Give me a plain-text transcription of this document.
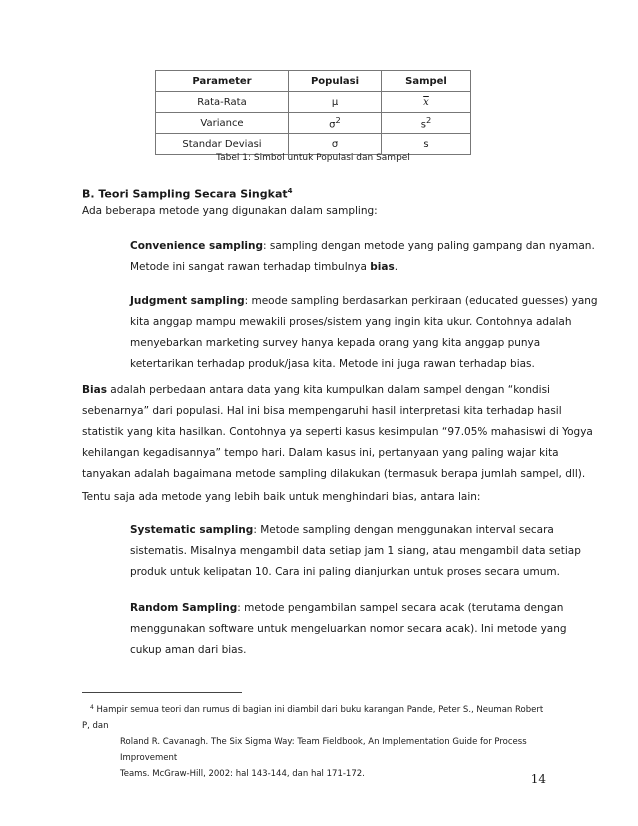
Parameter	Populasi	Sampel
Rata-Rata	μ	$\overline{x}$
Variance	$\sigma^2$	$s^2$
Standar Deviasi	σ	s
Tabel 1: Simbol untuk Populasi dan Sampel
B. Teori Sampling Secara Singkat$^4$
Ada beberapa metode yang digunakan dalam sampling:
Convenience sampling: sampling dengan metode yang paling gampang dan nyaman.
Metode ini sangat rawan terhadap timbulnya bias.
Judgment sampling: meode sampling berdasarkan perkiraan (educated guesses) yang
kita anggap mampu mewakili proses/sistem yang ingin kita ukur. Contohnya adalah
menyebarkan marketing survey hanya kepada orang yang kita anggap punya
ketertarikan terhadap produk/jasa kita. Metode ini juga rawan terhadap bias.
Bias adalah perbedaan antara data yang kita kumpulkan dalam sampel dengan “kondisi
sebenarnya” dari populasi. Hal ini bisa mempengaruhi hasil interpretasi kita terhadap hasil
statistik yang kita hasilkan. Contohnya ya seperti kasus kesimpulan “97.05% mahasiswi di Yogya
kehilangan kegadisannya” tempo hari. Dalam kasus ini, pertanyaan yang paling wajar kita
tanyakan adalah bagaimana metode sampling dilakukan (termasuk berapa jumlah sampel, dll).
Tentu saja ada metode yang lebih baik untuk menghindari bias, antara lain:
Systematic sampling: Metode sampling dengan menggunakan interval secara
sistematis. Misalnya mengambil data setiap jam 1 siang, atau mengambil data setiap
produk untuk kelipatan 10. Cara ini paling dianjurkan untuk proses secara umum.
Random Sampling: metode pengambilan sampel secara acak (terutama dengan
menggunakan software untuk mengeluarkan nomor secara acak). Ini metode yang
cukup aman dari bias.
$^4$ Hampir semua teori dan rumus di bagian ini diambil dari buku karangan Pande, Peter S., Neuman Robert P, dan
Roland R. Cavanagh. The Six Sigma Way: Team Fieldbook, An Implementation Guide for Process Improvement
Teams. McGraw-Hill, 2002: hal 143-144, dan hal 171-172.	14
